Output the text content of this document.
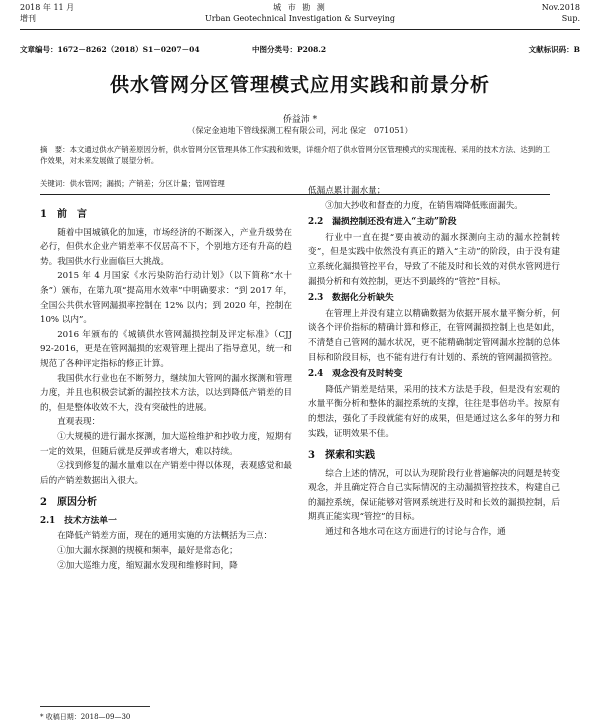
2018 年 11 月
增刊
城 市 勘 测
Urban Geotechnical Investigation & Surveying
Nov.2018
Sup.
文章编号：1672－8262（2018）S1－0207－04	中图分类号：P208.2	文献标识码：B
供水管网分区管理模式应用实践和前景分析
侨益沛 *
（保定金迪地下管线探测工程有限公司，河北 保定　071051）
摘　要：本文通过供水产销差原因分析，供水管网分区管理具体工作实践和效果，详细介绍了供水管网分区管理模式的实现流程、采用的技术方法、达到的工作效果，对未来发展做了展望分析。
关键词：供水管网；漏损；产销差；分区计量；管网管理
1　前　言

随着中国城镇化的加速，市场经济的不断深入，产业升级势在必行，但供水企业产销差率不仅居高不下，个别地方还有升高的趋势。我国供水行业面临巨大挑战。

2015 年 4 月国家《水污染防治行动计划》（以下简称“水十条”）颁布，在第九项“提高用水效率”中明确要求：“到 2017 年，全国公共供水管网漏损率控制在 12% 以内；到 2020 年，控制在 10% 以内”。

2016 年颁布的《城镇供水管网漏损控制及评定标准》（CJJ 92-2016，更是在管网漏损的宏观管理上提出了指导意见，统一和规范了各种评定指标的修正计算。

我国供水行业也在不断努力，继续加大管网的漏水探测和管理力度，并且也积极尝试新的漏控技术方法，以达到降低产销差的目的，但是整体收效不大，没有突破性的进展。

直观表现：

①大规模的进行漏水探测，加大巡检维护和抄收力度，短期有一定的效果，但随后就是反弹或者增大，难以持续。

②找到修复的漏水量难以在产销差中得以体现，表观感觉和最后的产销差数据出入很大。

2　原因分析
2.1　技术方法单一

在降低产销差方面，现在的通用实施的方法概括为三点：

①加大漏水探测的规模和频率，最好是常态化；

②加大巡维力度，缩短漏水发现和维修时间，降

低漏点累计漏水量；

③加大抄收和督查的力度，在销售端降低账面漏失。

2.2　漏损控制还没有进入“主动”阶段

行业中一直在提“要由被动的漏水探测向主动的漏水控制转变”，但是实践中依然没有真正的踏入“主动”的阶段，由于没有建立系统化漏损管控平台，导致了不能及时和长效的对供水管网进行漏损分析和有效控制，更达不到最终的“管控”目标。

2.3　数据化分析缺失

在管理上并没有建立以精确数据为依据开展水量平衡分析，何谈各个评价指标的精确计算和修正，在管网漏损控制上也是如此，不清楚自己管网的漏水状况，更不能精确制定管网漏水控制的总体目标和阶段目标，也不能有进行有计划的、系统的管网漏损管控。

2.4　观念没有及时转变

降低产销差是结果，采用的技术方法是手段，但是没有宏观的水量平衡分析和整体的漏控系统的支撑，往往是事倍功半。按原有的想法，强化了手段就能有好的成果，但是通过这么多年的努力和实践，证明效果不佳。

3　探索和实践

综合上述的情况，可以认为现阶段行业普遍解决的问题是转变观念，并且确定符合自己实际情况的主动漏损管控技术，构建自己的漏控系统，保证能够对管网系统进行及时和长效的漏损控制，后期真正能实现“管控”的目标。

通过和各地水司在这方面进行的讨论与合作，通

* 收稿日期：2018—09—30
